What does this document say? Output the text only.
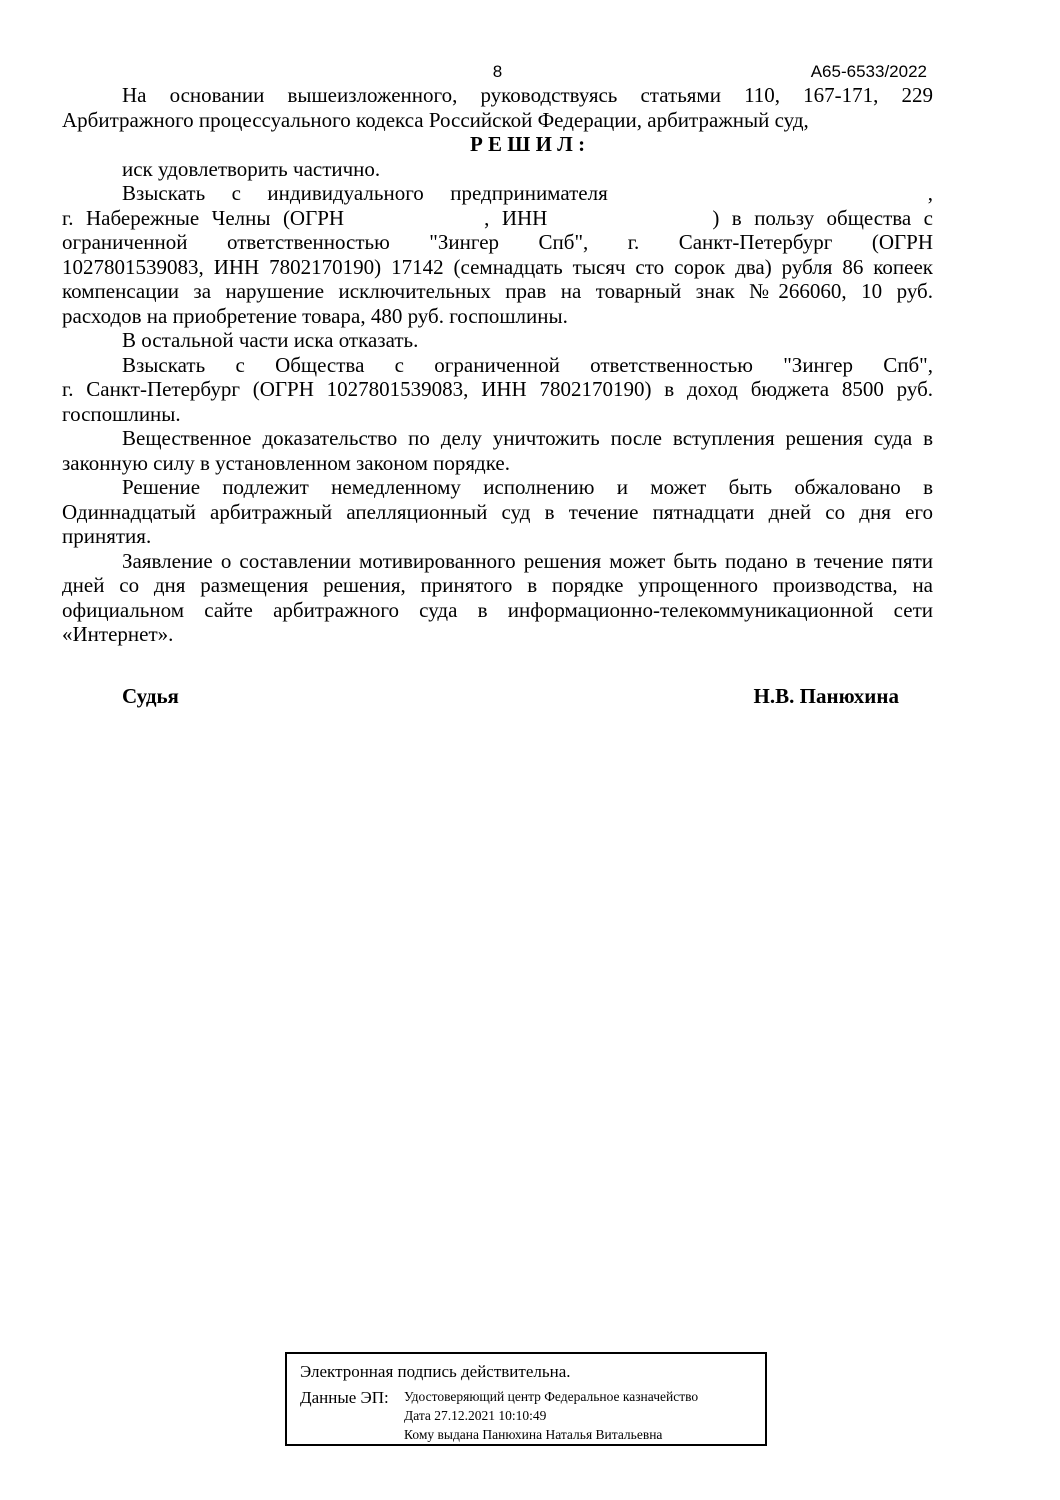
8	А65-6533/2022
На основании вышеизложенного, руководствуясь статьями 110, 167-171, 229
Арбитражного процессуального кодекса Российской Федерации, арбитражный суд,
Р Е Ш И Л :
иск удовлетворить частично.
Взыскать с индивидуального предпринимателя	,
г. Набережные Челны (ОГРН	, ИНН	) в пользу общества с
ограниченной ответственностью "Зингер Спб", г. Санкт-Петербург (ОГРН
1027801539083, ИНН 7802170190) 17142 (семнадцать тысяч сто сорок два) рубля 86 копеек
компенсации за нарушение исключительных прав на товарный знак №266060, 10 руб.
расходов на приобретение товара, 480 руб. госпошлины.
В остальной части иска отказать.
Взыскать с Общества с ограниченной ответственностью "Зингер Спб",
г. Санкт-Петербург (ОГРН 1027801539083, ИНН 7802170190) в доход бюджета 8500 руб.
госпошлины.
Вещественное доказательство по делу уничтожить после вступления решения суда в
законную силу в установленном законом порядке.
Решение подлежит немедленному исполнению и может быть обжаловано в
Одиннадцатый арбитражный апелляционный суд в течение пятнадцати дней со дня его
принятия.
Заявление о составлении мотивированного решения может быть подано в течение пяти
дней со дня размещения решения, принятого в порядке упрощенного производства, на
официальном сайте арбитражного суда в информационно-телекоммуникационной сети
«Интернет».
Судья	Н.В. Панюхина
Электронная подпись действительна.
Данные ЭП:	Удостоверяющий центр Федеральное казначейство
Дата 27.12.2021 10:10:49
Кому выдана Панюхина Наталья Витальевна
